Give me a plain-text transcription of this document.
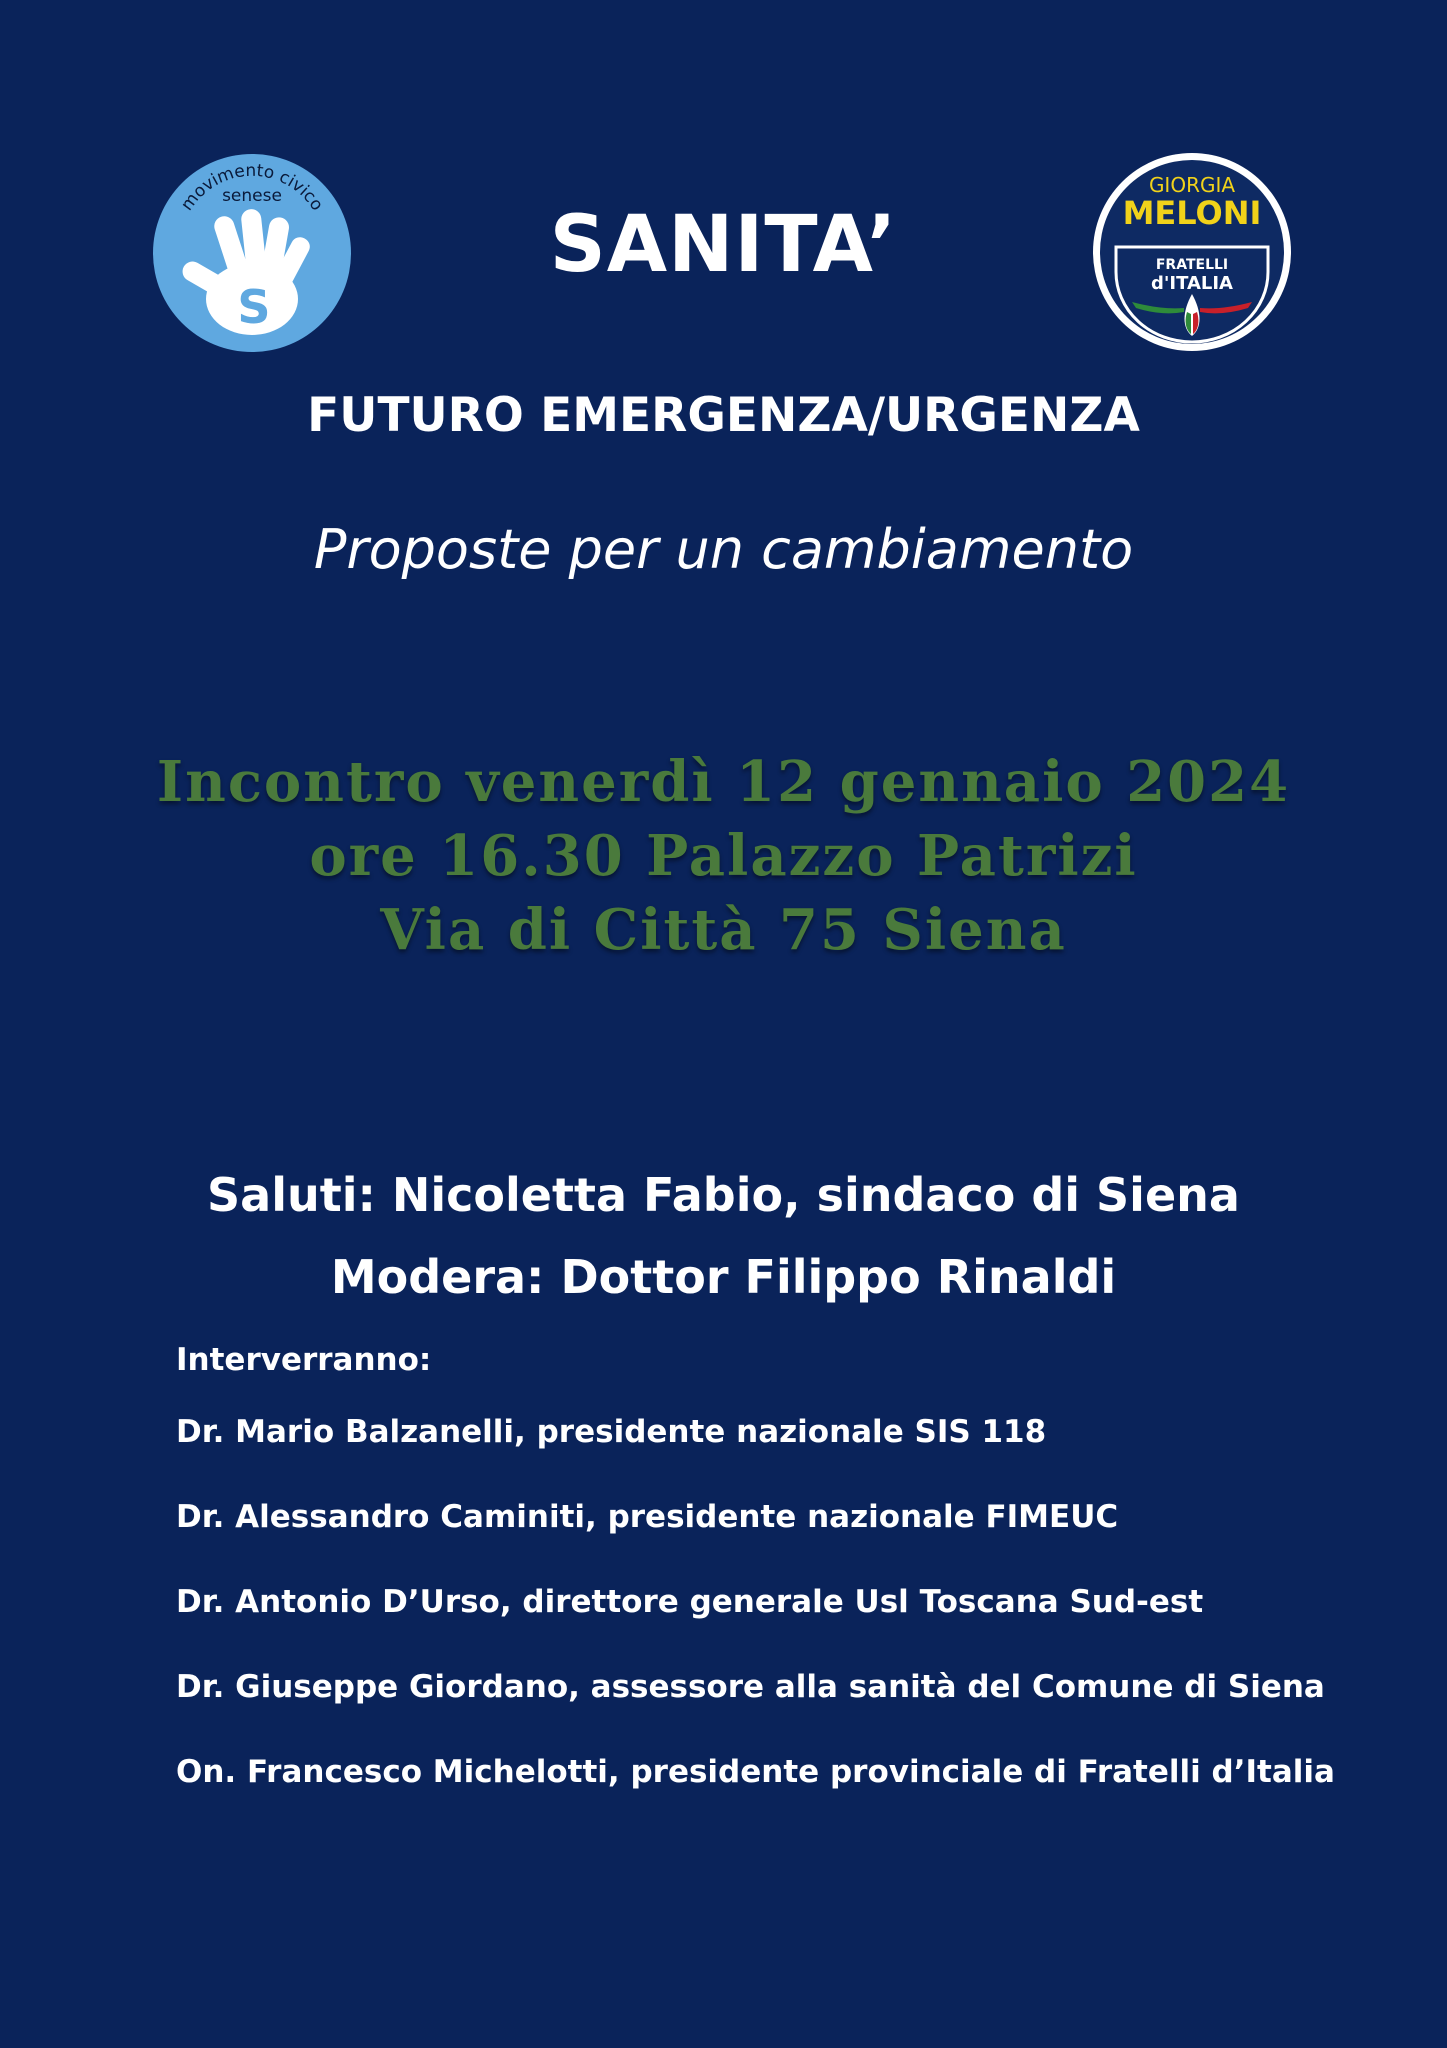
movimento civico
senese
S
GIORGIA
MELONI
FRATELLI
d'ITALIA
SANITA’
FUTURO EMERGENZA/URGENZA
Proposte per un cambiamento
Incontro venerdì 12 gennaio 2024
ore 16.30 Palazzo Patrizi
Via di Città 75 Siena
Saluti: Nicoletta Fabio, sindaco di Siena
Modera: Dottor Filippo Rinaldi
Interverranno:
Dr. Mario Balzanelli, presidente nazionale SIS 118
Dr. Alessandro Caminiti, presidente nazionale FIMEUC
Dr. Antonio D’Urso, direttore generale Usl Toscana Sud-est
Dr. Giuseppe Giordano, assessore alla sanità del Comune di Siena
On. Francesco Michelotti, presidente provinciale di Fratelli d’Italia
